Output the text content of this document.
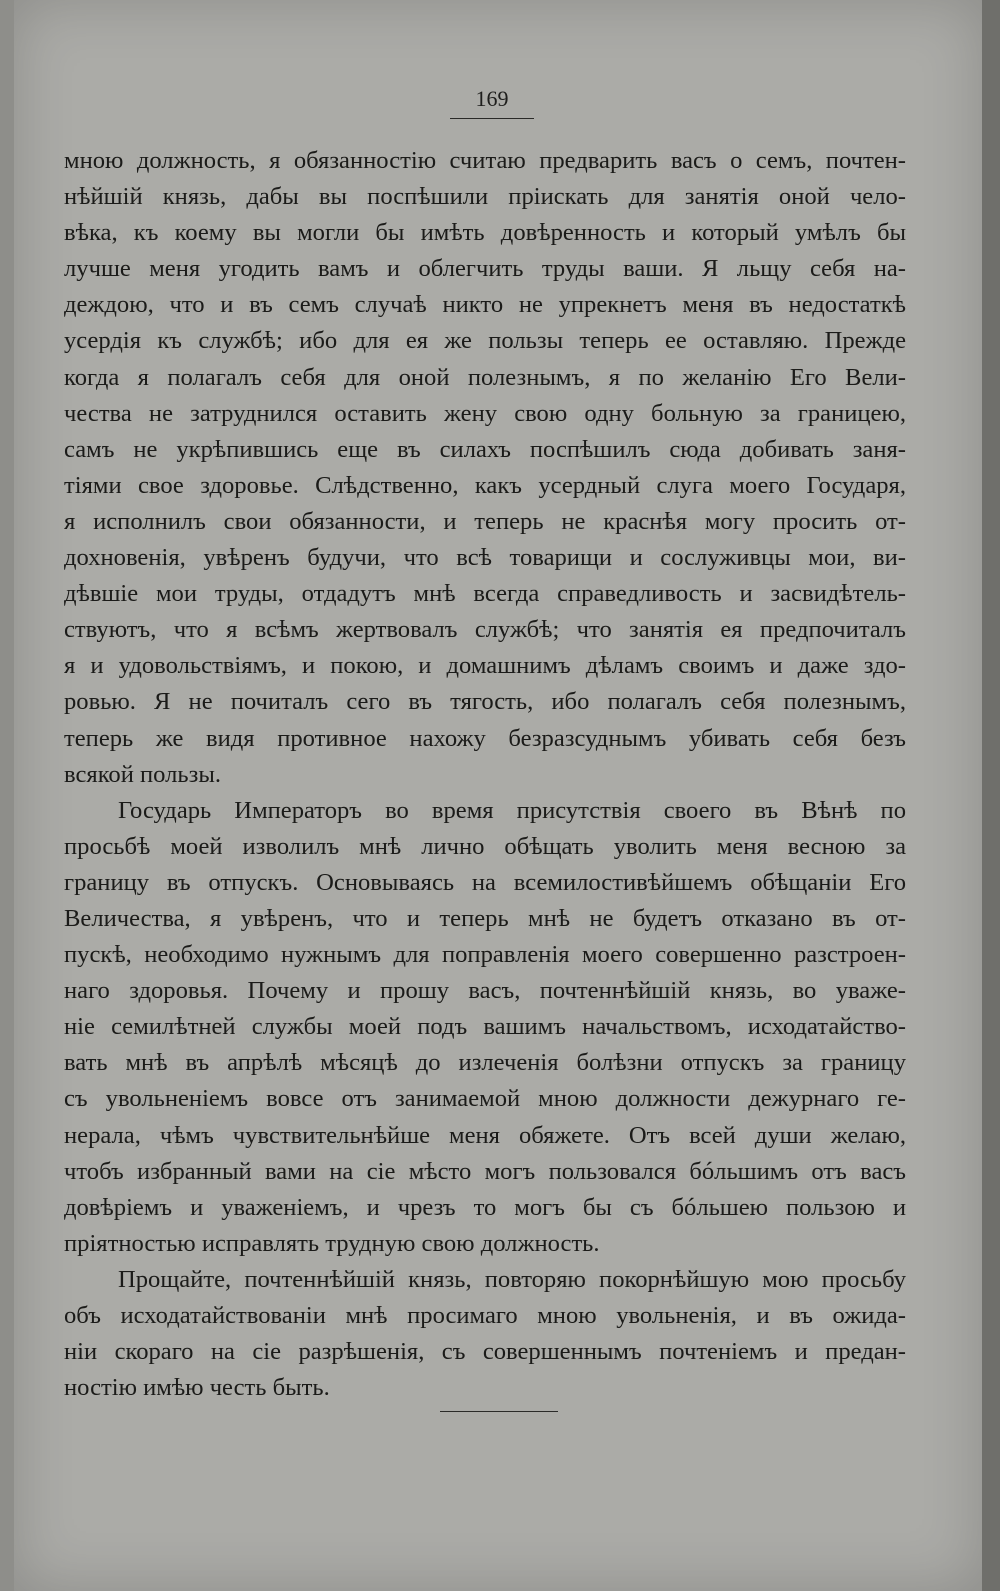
169
мною должность, я обязанностію считаю предварить васъ о семъ, почтен-
нѣйшій князь, дабы вы поспѣшили пріискать для занятія оной чело-
вѣка, къ коему вы могли бы имѣть довѣренность и который умѣлъ бы
лучше меня угодить вамъ и облегчить труды ваши. Я льщу себя на-
деждою, что и въ семъ случаѣ никто не упрекнетъ меня въ недостаткѣ
усердія къ службѣ; ибо для ея же пользы теперь ее оставляю. Прежде
когда я полагалъ себя для оной полезнымъ, я по желанію Его Вели-
чества не затруднился оставить жену свою одну больную за границею,
самъ не укрѣпившись еще въ силахъ поспѣшилъ сюда добивать заня-
тіями свое здоровье. Слѣдственно, какъ усердный слуга моего Государя,
я исполнилъ свои обязанности, и теперь не краснѣя могу просить от-
дохновенія, увѣренъ будучи, что всѣ товарищи и сослуживцы мои, ви-
дѣвшіе мои труды, отдадутъ мнѣ всегда справедливость и засвидѣтель-
ствуютъ, что я всѣмъ жертвовалъ службѣ; что занятія ея предпочиталъ
я и удовольствіямъ, и покою, и домашнимъ дѣламъ своимъ и даже здо-
ровью. Я не почиталъ сего въ тягость, ибо полагалъ себя полезнымъ,
теперь же видя противное нахожу безразсуднымъ убивать себя безъ
всякой пользы.
Государь Императоръ во время присутствія своего въ Вѣнѣ по
просьбѣ моей изволилъ мнѣ лично обѣщать уволить меня весною за
границу въ отпускъ. Основываясь на всемилостивѣйшемъ обѣщаніи Его
Величества, я увѣренъ, что и теперь мнѣ не будетъ отказано въ от-
пускѣ, необходимо нужнымъ для поправленія моего совершенно разстроен-
наго здоровья. Почему и прошу васъ, почтеннѣйшій князь, во уваже-
ніе семилѣтней службы моей подъ вашимъ начальствомъ, исходатайство-
вать мнѣ въ апрѣлѣ мѣсяцѣ до излеченія болѣзни отпускъ за границу
съ увольненіемъ вовсе отъ занимаемой мною должности дежурнаго ге-
нерала, чѣмъ чувствительнѣйше меня обяжете. Отъ всей души желаю,
чтобъ избранный вами на сіе мѣсто могъ пользовался бóльшимъ отъ васъ
довѣріемъ и уваженіемъ, и чрезъ то могъ бы съ бóльшею пользою и
пріятностью исправлять трудную свою должность.
Прощайте, почтеннѣйшій князь, повторяю покорнѣйшую мою просьбу
объ исходатайствованіи мнѣ просимаго мною увольненія, и въ ожида-
ніи скораго на сіе разрѣшенія, съ совершеннымъ почтеніемъ и предан-
ностію имѣю честь быть.
